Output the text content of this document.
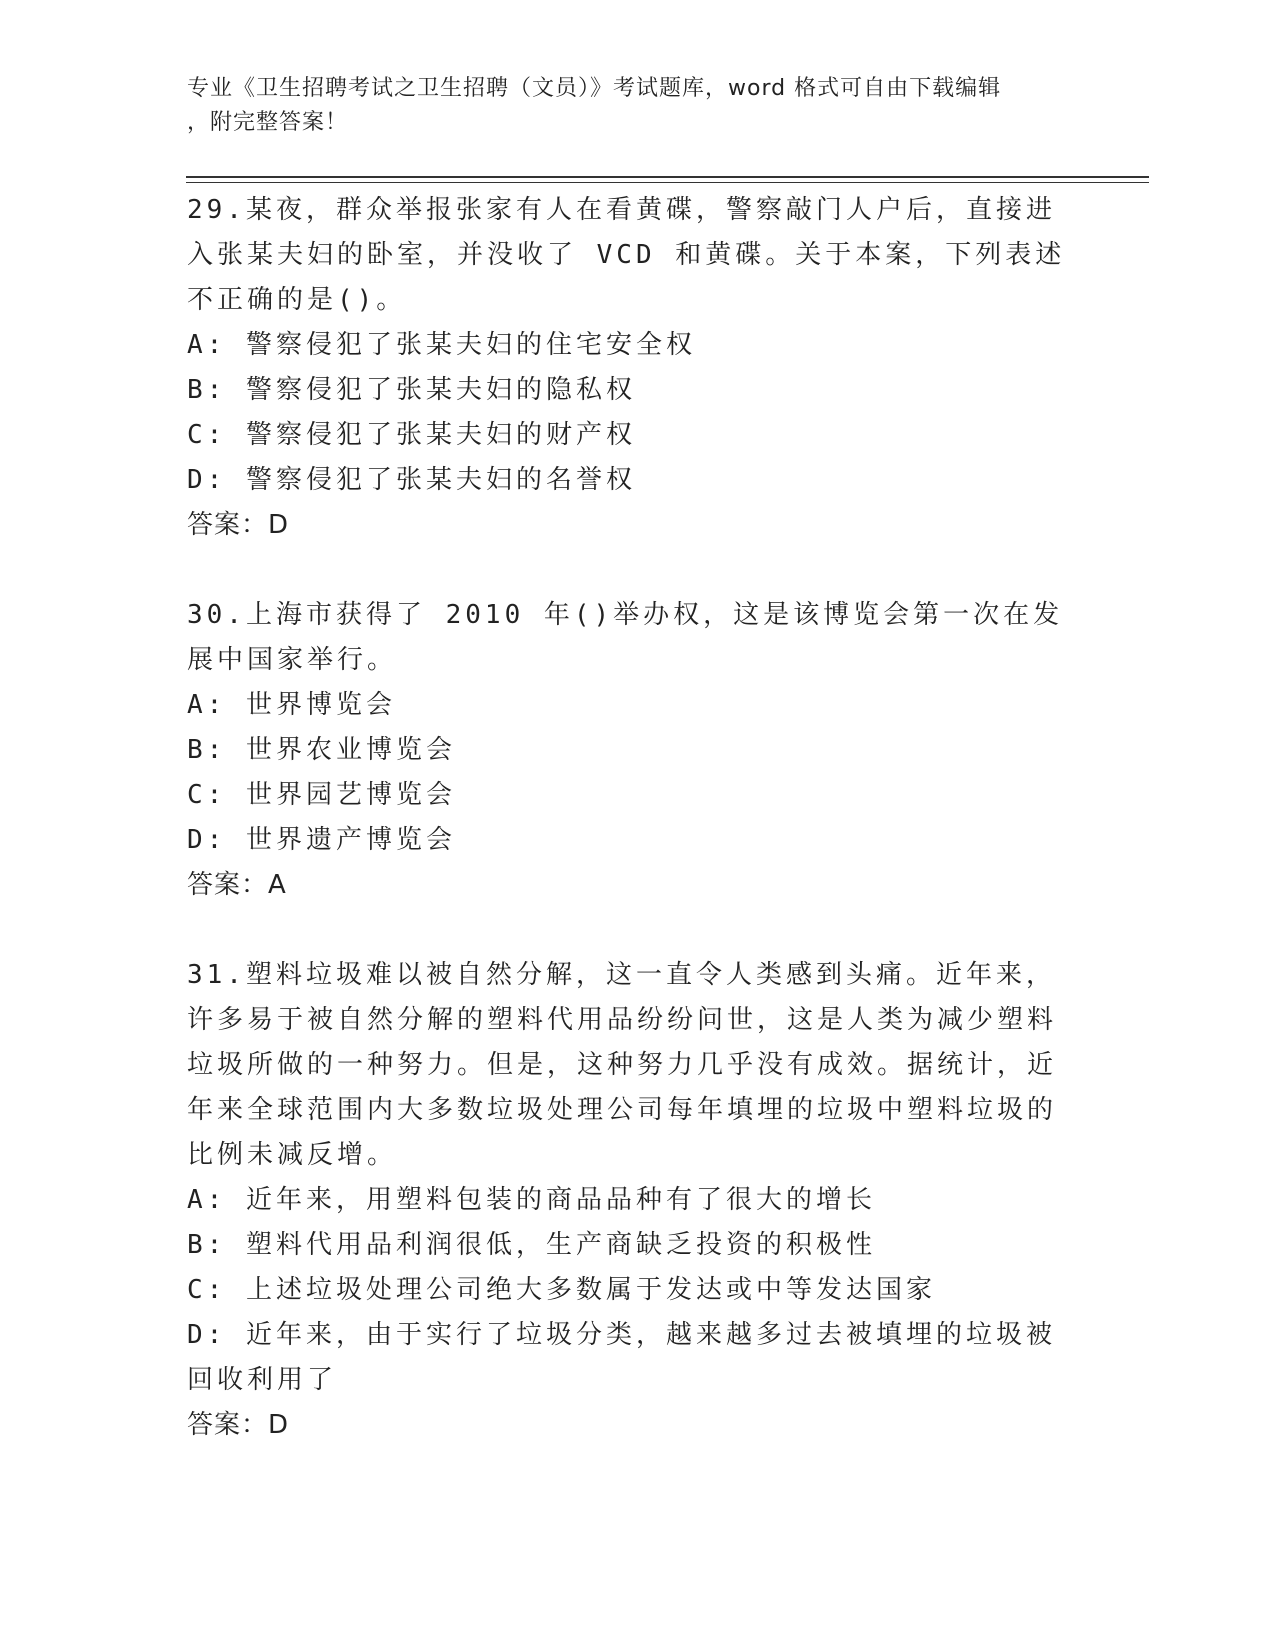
专业《卫生招聘考试之卫生招聘（文员）》考试题库，word 格式可自由下载编辑
，附完整答案！

29.某夜，群众举报张家有人在看黄碟，警察敲门人户后，直接进入张某夫妇的卧室，并没收了 VCD 和黄碟。关于本案，下列表述不正确的是()。

A: 警察侵犯了张某夫妇的住宅安全权

B: 警察侵犯了张某夫妇的隐私权

C: 警察侵犯了张某夫妇的财产权

D: 警察侵犯了张某夫妇的名誉权

答案：D

30.上海市获得了 2010 年()举办权，这是该博览会第一次在发展中国家举行。

A: 世界博览会

B: 世界农业博览会

C: 世界园艺博览会

D: 世界遗产博览会

答案：A

31.塑料垃圾难以被自然分解，这一直令人类感到头痛。近年来，许多易于被自然分解的塑料代用品纷纷问世，这是人类为减少塑料垃圾所做的一种努力。但是，这种努力几乎没有成效。据统计，近年来全球范围内大多数垃圾处理公司每年填埋的垃圾中塑料垃圾的比例未减反增。

A: 近年来，用塑料包装的商品品种有了很大的增长

B: 塑料代用品利润很低，生产商缺乏投资的积极性

C: 上述垃圾处理公司绝大多数属于发达或中等发达国家

D: 近年来，由于实行了垃圾分类，越来越多过去被填埋的垃圾被回收利用了

答案：D
